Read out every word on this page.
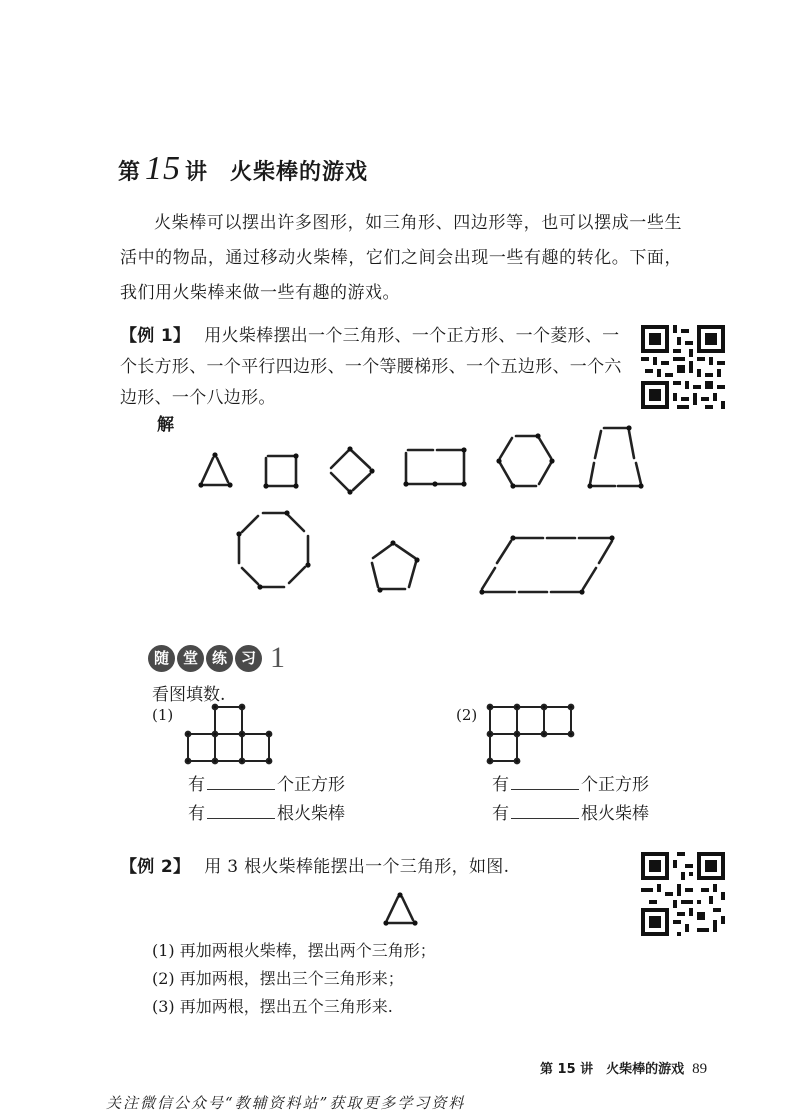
第 15 讲 火柴棒的游戏
火柴棒可以摆出许多图形，如三角形、四边形等，也可以摆成一些生活中的物品，通过移动火柴棒，它们之间会出现一些有趣的转化。下面，我们用火柴棒来做一些有趣的游戏。
【例 1】 用火柴棒摆出一个三角形、一个正方形、一个菱形、一个长方形、一个平行四边形、一个等腰梯形、一个五边形、一个六边形、一个八边形。
解
随 堂 练 习 1
看图填数.
(1)
有	个正方形
有	根火柴棒
(2)
有	个正方形
有	根火柴棒
【例 2】 用 3 根火柴棒能摆出一个三角形，如图.
(1) 再加两根火柴棒，摆出两个三角形；
(2) 再加两根，摆出三个三角形来；
(3) 再加两根，摆出五个三角形来.
第 15 讲　火柴棒的游戏 89
关注微信公众号“教辅资料站”获取更多学习资料
